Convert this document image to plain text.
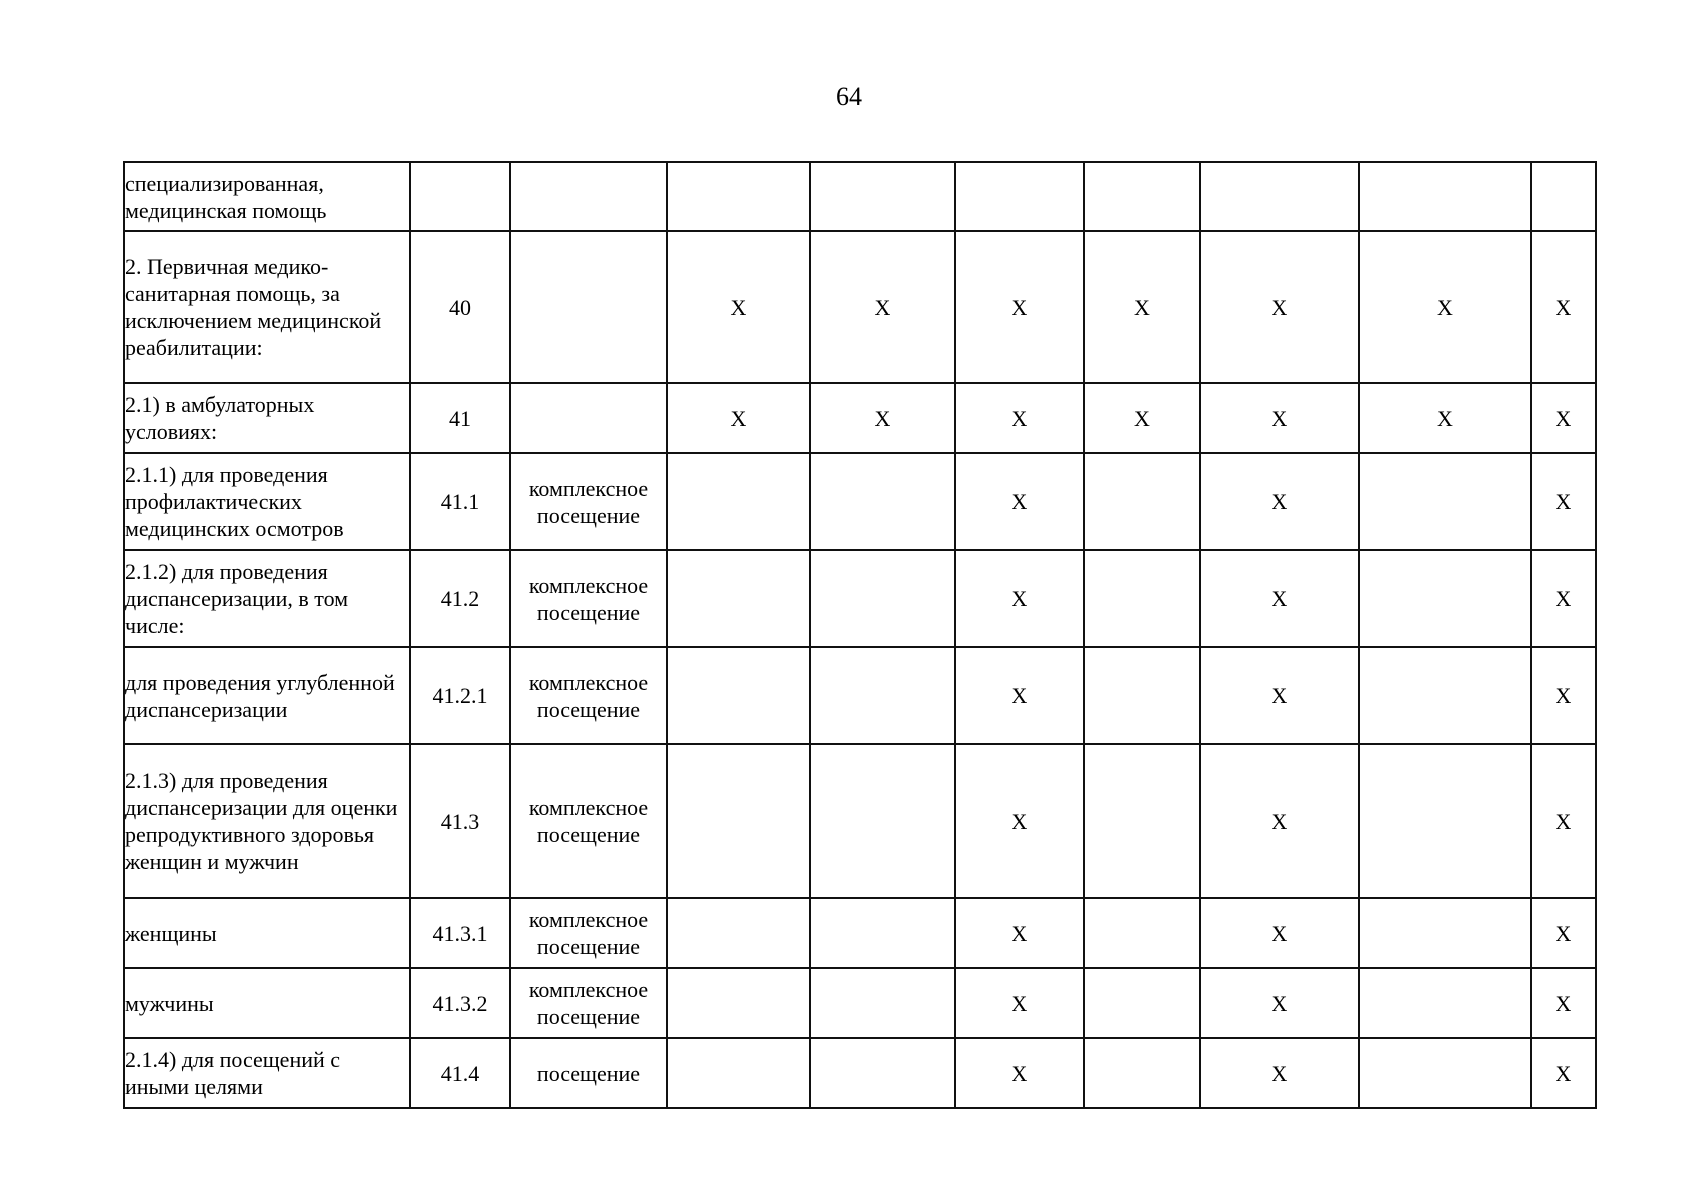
64
специализированная, медицинская помощь									
2. Первичная медико-санитарная помощь, за исключением медицинской реабилитации:	40		X	X	X	X	X	X	X
2.1) в амбулаторных условиях:	41		X	X	X	X	X	X	X
2.1.1) для проведения профилактических медицинских осмотров	41.1	комплексное посещение			X		X		X
2.1.2) для проведения диспансеризации, в том числе:	41.2	комплексное посещение			X		X		X
для проведения углубленной диспансеризации	41.2.1	комплексное посещение			X		X		X
2.1.3) для проведения диспансеризации для оценки репродуктивного здоровья женщин и мужчин	41.3	комплексное посещение			X		X		X
женщины	41.3.1	комплексное посещение			X		X		X
мужчины	41.3.2	комплексное посещение			X		X		X
2.1.4) для посещений с иными целями	41.4	посещение			X		X		X
